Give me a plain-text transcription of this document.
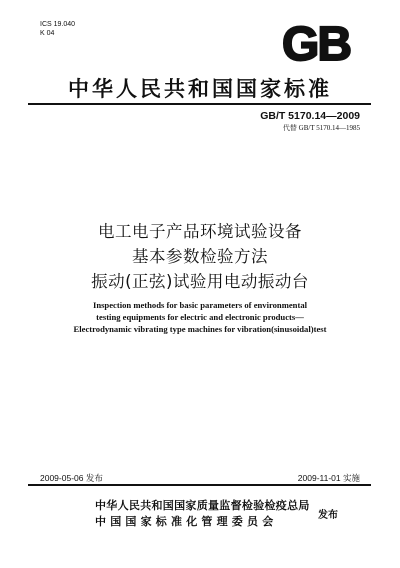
ICS 19.040
K 04	GB
中华人民共和国国家标准
GB/T 5170.14—2009
代替 GB/T 5170.14—1985
电工电子产品环境试验设备
基本参数检验方法
振动(正弦)试验用电动振动台
Inspection methods for basic parameters of environmental
testing equipments for electric and electronic products—
Electrodynamic vibrating type machines for vibration(sinusoidal)test
2009-05-06 发布	2009-11-01 实施
中华人民共和国国家质量监督检验检疫总局
中国国家标准化管理委员会	发布
